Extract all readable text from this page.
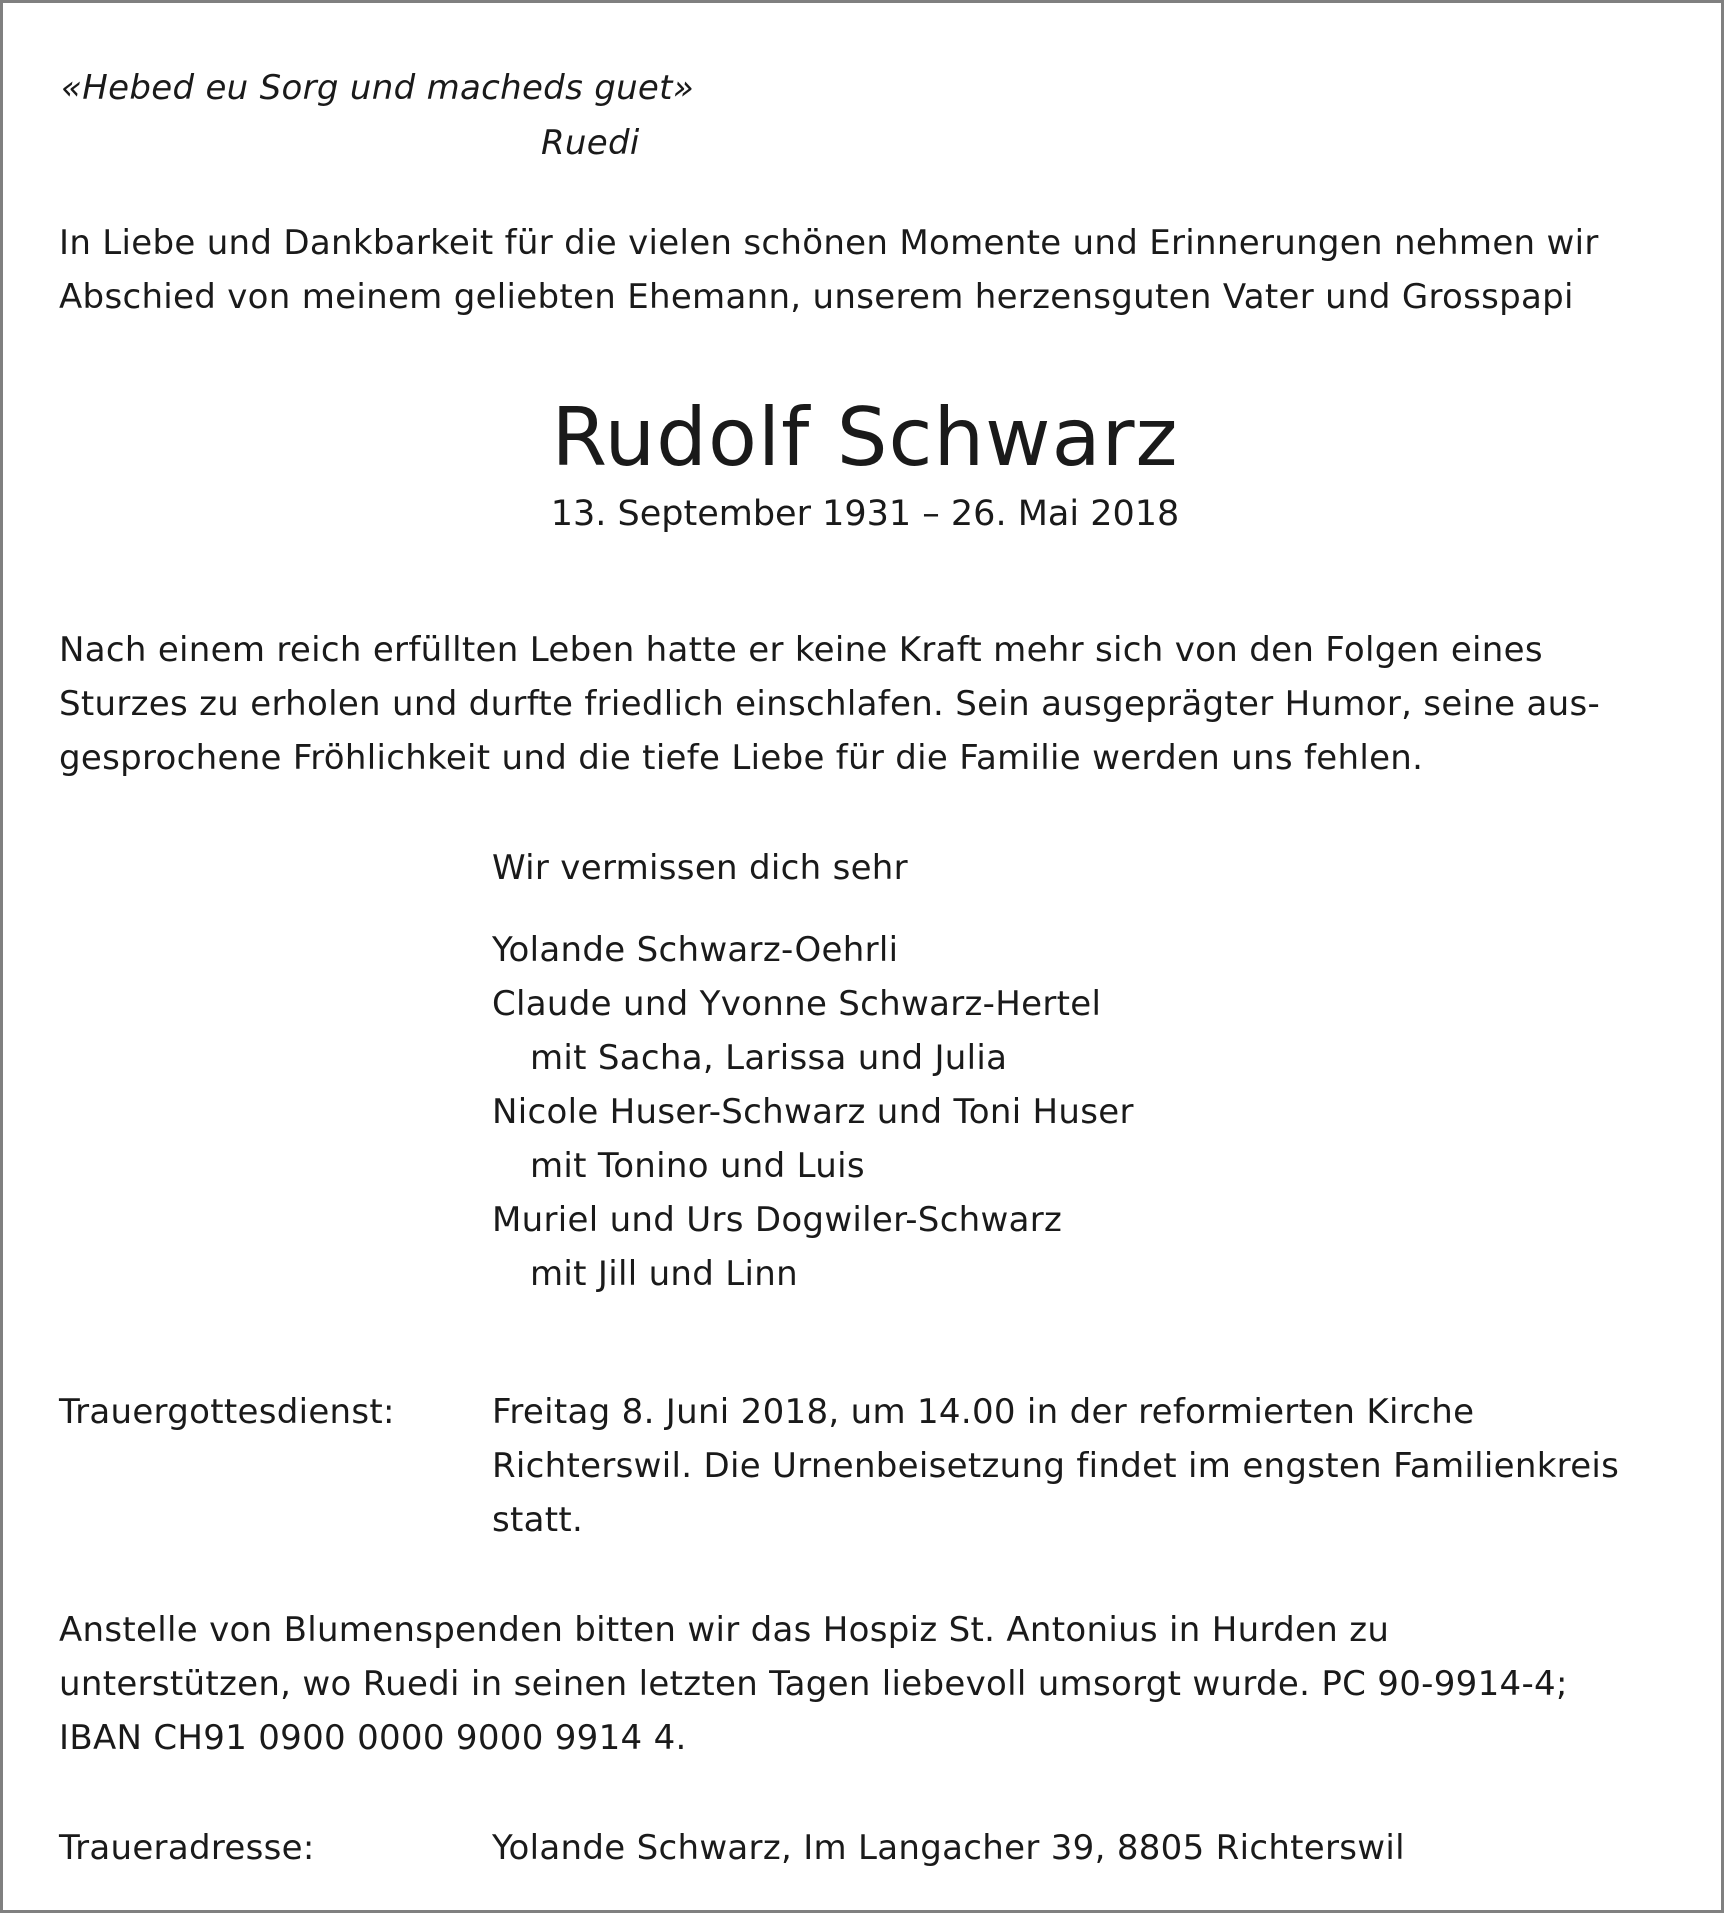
«Hebed eu Sorg und macheds guet»
Ruedi
In Liebe und Dankbarkeit für die vielen schönen Momente und Erinnerungen nehmen wir
Abschied von meinem geliebten Ehemann, unserem herzensguten Vater und Grosspapi
Rudolf Schwarz
13. September 1931 – 26. Mai 2018
Nach einem reich erfüllten Leben hatte er keine Kraft mehr sich von den Folgen eines
Sturzes zu erholen und durfte friedlich einschlafen. Sein ausgeprägter Humor, seine aus-
gesprochene Fröhlichkeit und die tiefe Liebe für die Familie werden uns fehlen.
Wir vermissen dich sehr
Yolande Schwarz-Oehrli
Claude und Yvonne Schwarz-Hertel
mit Sacha, Larissa und Julia
Nicole Huser-Schwarz und Toni Huser
mit Tonino und Luis
Muriel und Urs Dogwiler-Schwarz
mit Jill und Linn
Trauergottesdienst:	Freitag 8. Juni 2018, um 14.00 in der reformierten Kirche
Richterswil. Die Urnenbeisetzung findet im engsten Familienkreis
statt.
Anstelle von Blumenspenden bitten wir das Hospiz St. Antonius in Hurden zu
unterstützen, wo Ruedi in seinen letzten Tagen liebevoll umsorgt wurde. PC 90-9914-4;
IBAN CH91 0900 0000 9000 9914 4.
Traueradresse:	Yolande Schwarz, Im Langacher 39, 8805 Richterswil
